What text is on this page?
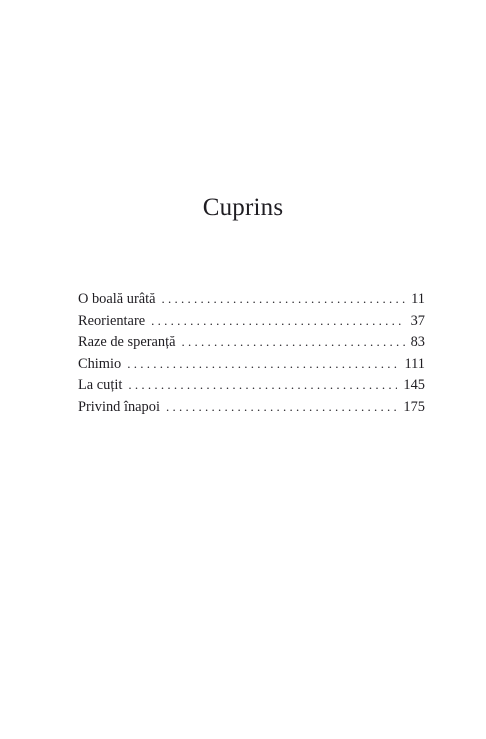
Cuprins
O boală urâtă . . .	11
Reorientare . . .	37
Raze de speranță . . .	83
Chimio . . .	111
La cuțit . . .	145
Privind înapoi . . .	175
